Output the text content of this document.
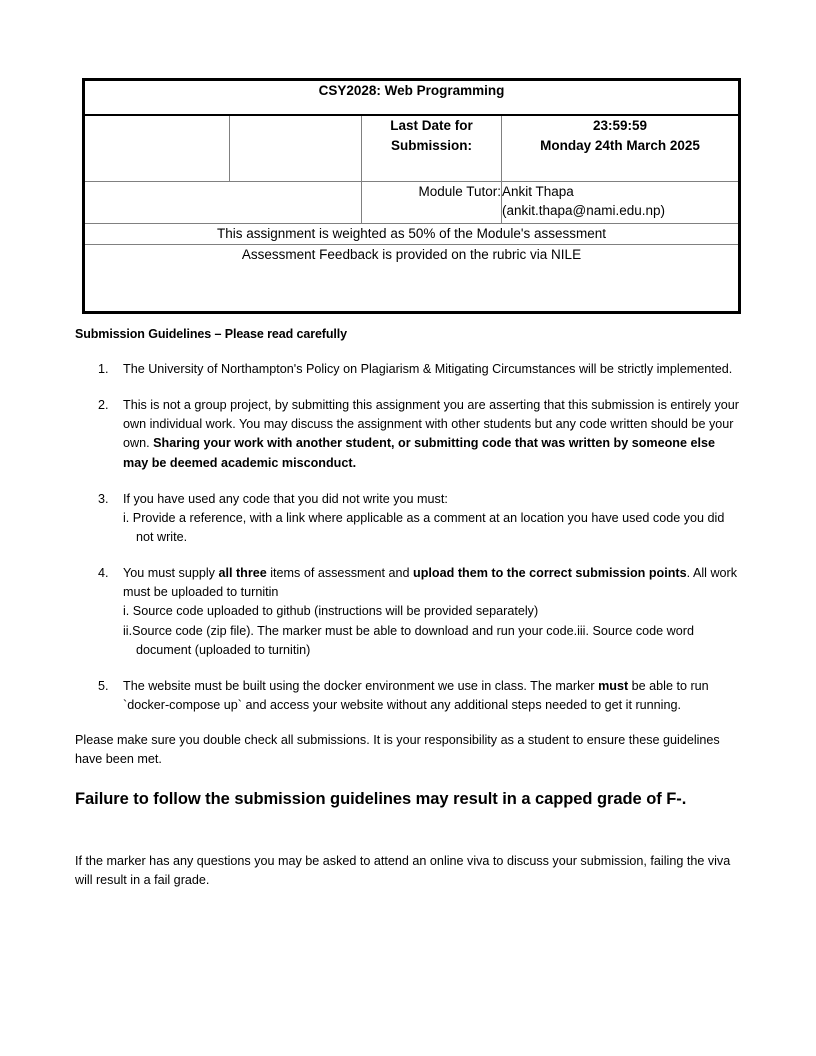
CSY2028: Web Programming			
		Last Date for Submission:	23:59:59
Monday 24th March 2025

		Module Tutor:	Ankit Thapa
(ankit.thapa@nami.edu.np)

This assignment is weighted as 50% of the Module's assessment			
Assessment Feedback is provided on the rubric via NILE			
Submission Guidelines – Please read carefully
1. The University of Northampton's Policy on Plagiarism & Mitigating Circumstances will be strictly implemented.
2. This is not a group project, by submitting this assignment you are asserting that this submission is entirely your own individual work. You may discuss the assignment with other students but any code written should be your own. Sharing your work with another student, or submitting code that was written by someone else may be deemed academic misconduct.
3. If you have used any code that you did not write you must:
i. Provide a reference, with a link where applicable as a comment at an location you have used code you did not write.
4. You must supply all three items of assessment and upload them to the correct submission points. All work must be uploaded to turnitin
i. Source code uploaded to github (instructions will be provided separately)
ii.Source code (zip file). The marker must be able to download and run your code.iii. Source code word document (uploaded to turnitin)
5. The website must be built using the docker environment we use in class. The marker must be able to run `docker-compose up` and access your website without any additional steps needed to get it running.
Please make sure you double check all submissions. It is your responsibility as a student to ensure these guidelines have been met.
Failure to follow the submission guidelines may result in a capped grade of F-.
If the marker has any questions you may be asked to attend an online viva to discuss your submission, failing the viva will result in a fail grade.
